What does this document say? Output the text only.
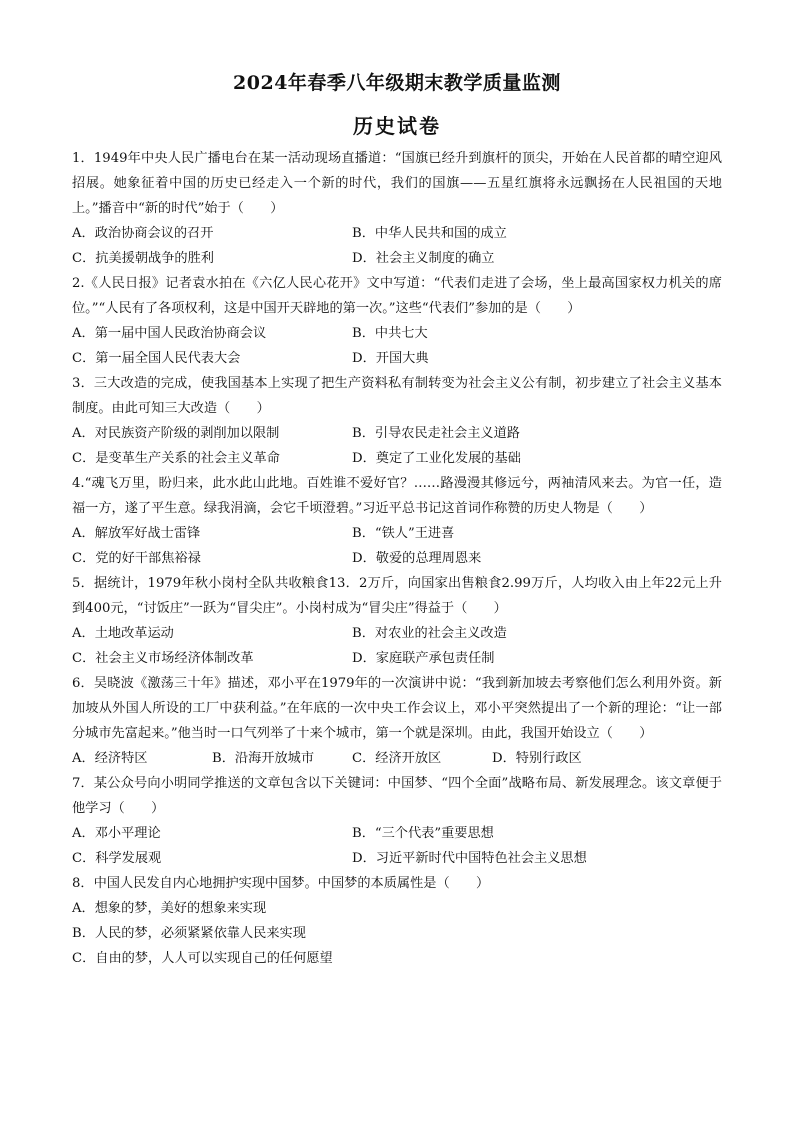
2024年春季八年级期末教学质量监测
历史试卷

1．1949年中央人民广播电台在某一活动现场直播道：“国旗已经升到旗杆的顶尖，开始在人民首都的晴空迎风招展。她象征着中国的历史已经走入一个新的时代，我们的国旗——五星红旗将永远飘扬在人民祖国的天地上。”播音中“新的时代”始于（　　）

A．政治协商会议的召开	B．中华人民共和国的成立
C．抗美援朝战争的胜利	D．社会主义制度的确立

2.《人民日报》记者袁水拍在《六亿人民心花开》文中写道：“代表们走进了会场，坐上最高国家权力机关的席位。”“人民有了各项权利，这是中国开天辟地的第一次。”这些“代表们”参加的是（　　）

A．第一届中国人民政治协商会议	B．中共七大
C．第一届全国人民代表大会	D．开国大典

3．三大改造的完成，使我国基本上实现了把生产资料私有制转变为社会主义公有制，初步建立了社会主义基本制度。由此可知三大改造（　　）

A．对民族资产阶级的剥削加以限制	B．引导农民走社会主义道路
C．是变革生产关系的社会主义革命	D．奠定了工业化发展的基础

4.“魂飞万里，盼归来，此水此山此地。百姓谁不爱好官？……路漫漫其修远兮，两袖清风来去。为官一任，造福一方，遂了平生意。绿我涓滴，会它千顷澄碧。”习近平总书记这首词作称赞的历史人物是（　　）

A．解放军好战士雷锋	B．“铁人”王进喜
C．党的好干部焦裕禄	D．敬爱的总理周恩来

5．据统计，1979年秋小岗村全队共收粮食13．2万斤，向国家出售粮食2.99万斤，人均收入由上年22元上升到400元，“讨饭庄”一跃为“冒尖庄”。小岗村成为“冒尖庄”得益于（　　）

A．土地改革运动	B．对农业的社会主义改造
C．社会主义市场经济体制改革	D．家庭联产承包责任制

6．吴晓波《激荡三十年》描述，邓小平在1979年的一次演讲中说：“我到新加坡去考察他们怎么利用外资。新加坡从外国人所设的工厂中获利益。”在年底的一次中央工作会议上，邓小平突然提出了一个新的理论：“让一部分城市先富起来。”他当时一口气列举了十来个城市，第一个就是深圳。由此，我国开始设立（　　）

A．经济特区	B．沿海开放城市	C．经济开放区	D．特别行政区

7．某公众号向小明同学推送的文章包含以下关键词：中国梦、“四个全面”战略布局、新发展理念。该文章便于他学习（　　）

A．邓小平理论	B．“三个代表”重要思想
C．科学发展观	D．习近平新时代中国特色社会主义思想

8．中国人民发自内心地拥护实现中国梦。中国梦的本质属性是（　　）

A．想象的梦，美好的想象来实现
B．人民的梦，必须紧紧依靠人民来实现
C．自由的梦，人人可以实现自己的任何愿望
